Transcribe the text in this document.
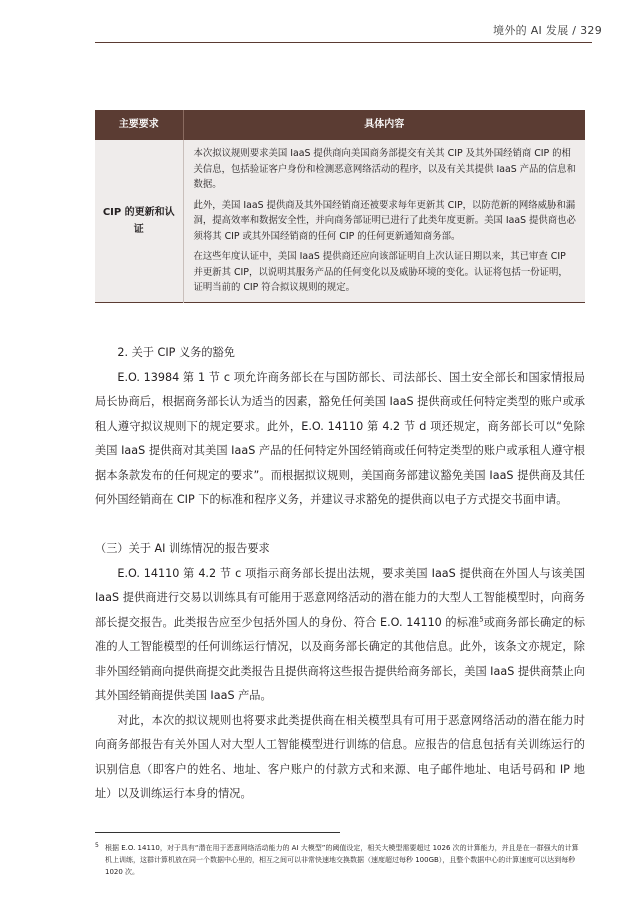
境外的 AI 发展 / 329
主要要求	具体内容
CIP 的更新和认证	本次拟议规则要求美国 IaaS 提供商向美国商务部提交有关其 CIP 及其外国经销商 CIP 的相关信息，包括验证客户身份和检测恶意网络活动的程序，以及有关其提供 IaaS 产品的信息和数据。

此外，美国 IaaS 提供商及其外国经销商还被要求每年更新其 CIP，以防范新的网络威胁和漏洞，提高效率和数据安全性，并向商务部证明已进行了此类年度更新。美国 IaaS 提供商也必须将其 CIP 或其外国经销商的任何 CIP 的任何更新通知商务部。

在这些年度认证中，美国 IaaS 提供商还应向该部证明自上次认证日期以来，其已审查 CIP 并更新其 CIP，以说明其服务产品的任何变化以及威胁环境的变化。认证将包括一份证明，证明当前的 CIP 符合拟议规则的规定。

2. 关于 CIP 义务的豁免

E.O. 13984 第 1 节 c 项允许商务部长在与国防部长、司法部长、国土安全部长和国家情报局局长协商后，根据商务部长认为适当的因素，豁免任何美国 IaaS 提供商或任何特定类型的账户或承租人遵守拟议规则下的规定要求。此外，E.O. 14110 第 4.2 节 d 项还规定，商务部长可以“免除美国 IaaS 提供商对其美国 IaaS 产品的任何特定外国经销商或任何特定类型的账户或承租人遵守根据本条款发布的任何规定的要求”。而根据拟议规则，美国商务部建议豁免美国 IaaS 提供商及其任何外国经销商在 CIP 下的标准和程序义务，并建议寻求豁免的提供商以电子方式提交书面申请。

（三）关于 AI 训练情况的报告要求

E.O. 14110 第 4.2 节 c 项指示商务部长提出法规，要求美国 IaaS 提供商在外国人与该美国 IaaS 提供商进行交易以训练具有可能用于恶意网络活动的潜在能力的大型人工智能模型时，向商务部长提交报告。此类报告应至少包括外国人的身份、符合 E.O. 14110 的标准$^5$或商务部长确定的标准的人工智能模型的任何训练运行情况，以及商务部长确定的其他信息。此外，该条文亦规定，除非外国经销商向提供商提交此类报告且提供商将这些报告提供给商务部长，美国 IaaS 提供商禁止向其外国经销商提供美国 IaaS 产品。

对此，本次的拟议规则也将要求此类提供商在相关模型具有可用于恶意网络活动的潜在能力时向商务部报告有关外国人对大型人工智能模型进行训练的信息。应报告的信息包括有关训练运行的识别信息（即客户的姓名、地址、客户账户的付款方式和来源、电子邮件地址、电话号码和 IP 地址）以及训练运行本身的情况。

5 根据 E.O. 14110，对于具有“潜在用于恶意网络活动能力的 AI 大模型”的阈值设定，相关大模型需要超过 1026 次的计算能力，并且是在一群强大的计算机上训练，这群计算机放在同一个数据中心里的，相互之间可以非常快速地交换数据（速度超过每秒 100GB），且整个数据中心的计算速度可以达到每秒 1020 次。
